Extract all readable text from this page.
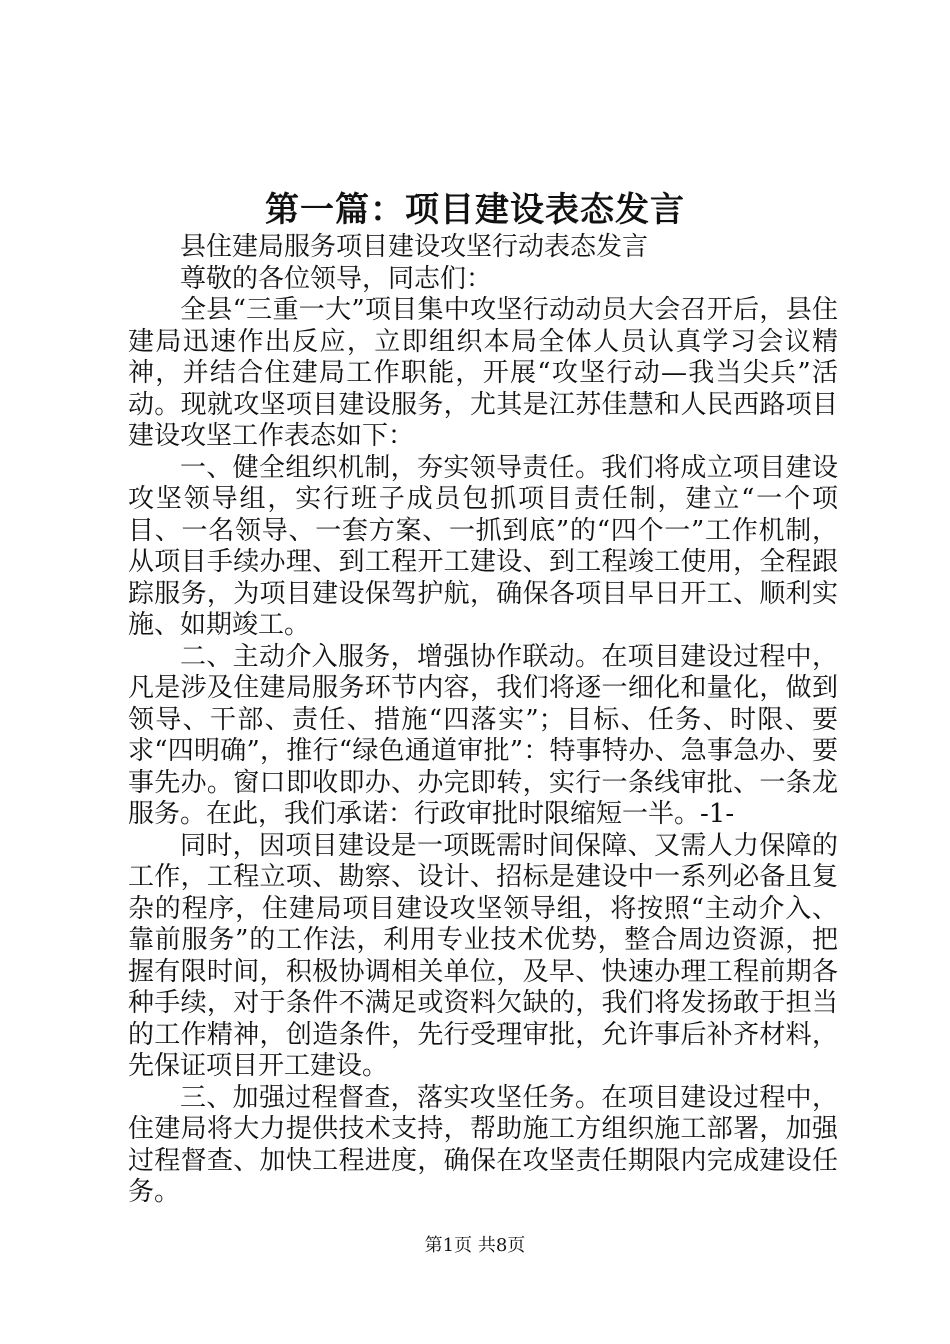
第一篇：项目建设表态发言

县住建局服务项目建设攻坚行动表态发言

尊敬的各位领导，同志们：

全县“三重一大”项目集中攻坚行动动员大会召开后，县住建局迅速作出反应，立即组织本局全体人员认真学习会议精神，并结合住建局工作职能，开展“攻坚行动—我当尖兵”活动。现就攻坚项目建设服务，尤其是江苏佳慧和人民西路项目建设攻坚工作表态如下：

一、健全组织机制，夯实领导责任。我们将成立项目建设攻坚领导组，实行班子成员包抓项目责任制，建立“一个项目、一名领导、一套方案、一抓到底”的“四个一”工作机制，从项目手续办理、到工程开工建设、到工程竣工使用，全程跟踪服务，为项目建设保驾护航，确保各项目早日开工、顺利实施、如期竣工。

二、主动介入服务，增强协作联动。在项目建设过程中，凡是涉及住建局服务环节内容，我们将逐一细化和量化，做到领导、干部、责任、措施“四落实”；目标、任务、时限、要求“四明确”，推行“绿色通道审批”：特事特办、急事急办、要事先办。窗口即收即办、办完即转，实行一条线审批、一条龙服务。在此，我们承诺：行政审批时限缩短一半。-1-

同时，因项目建设是一项既需时间保障、又需人力保障的工作，工程立项、勘察、设计、招标是建设中一系列必备且复杂的程序，住建局项目建设攻坚领导组，将按照“主动介入、靠前服务”的工作法，利用专业技术优势，整合周边资源，把握有限时间，积极协调相关单位，及早、快速办理工程前期各种手续，对于条件不满足或资料欠缺的，我们将发扬敢于担当的工作精神，创造条件，先行受理审批，允许事后补齐材料，先保证项目开工建设。

三、加强过程督查，落实攻坚任务。在项目建设过程中，住建局将大力提供技术支持，帮助施工方组织施工部署，加强过程督查、加快工程进度，确保在攻坚责任期限内完成建设任务。

第1页 共8页
